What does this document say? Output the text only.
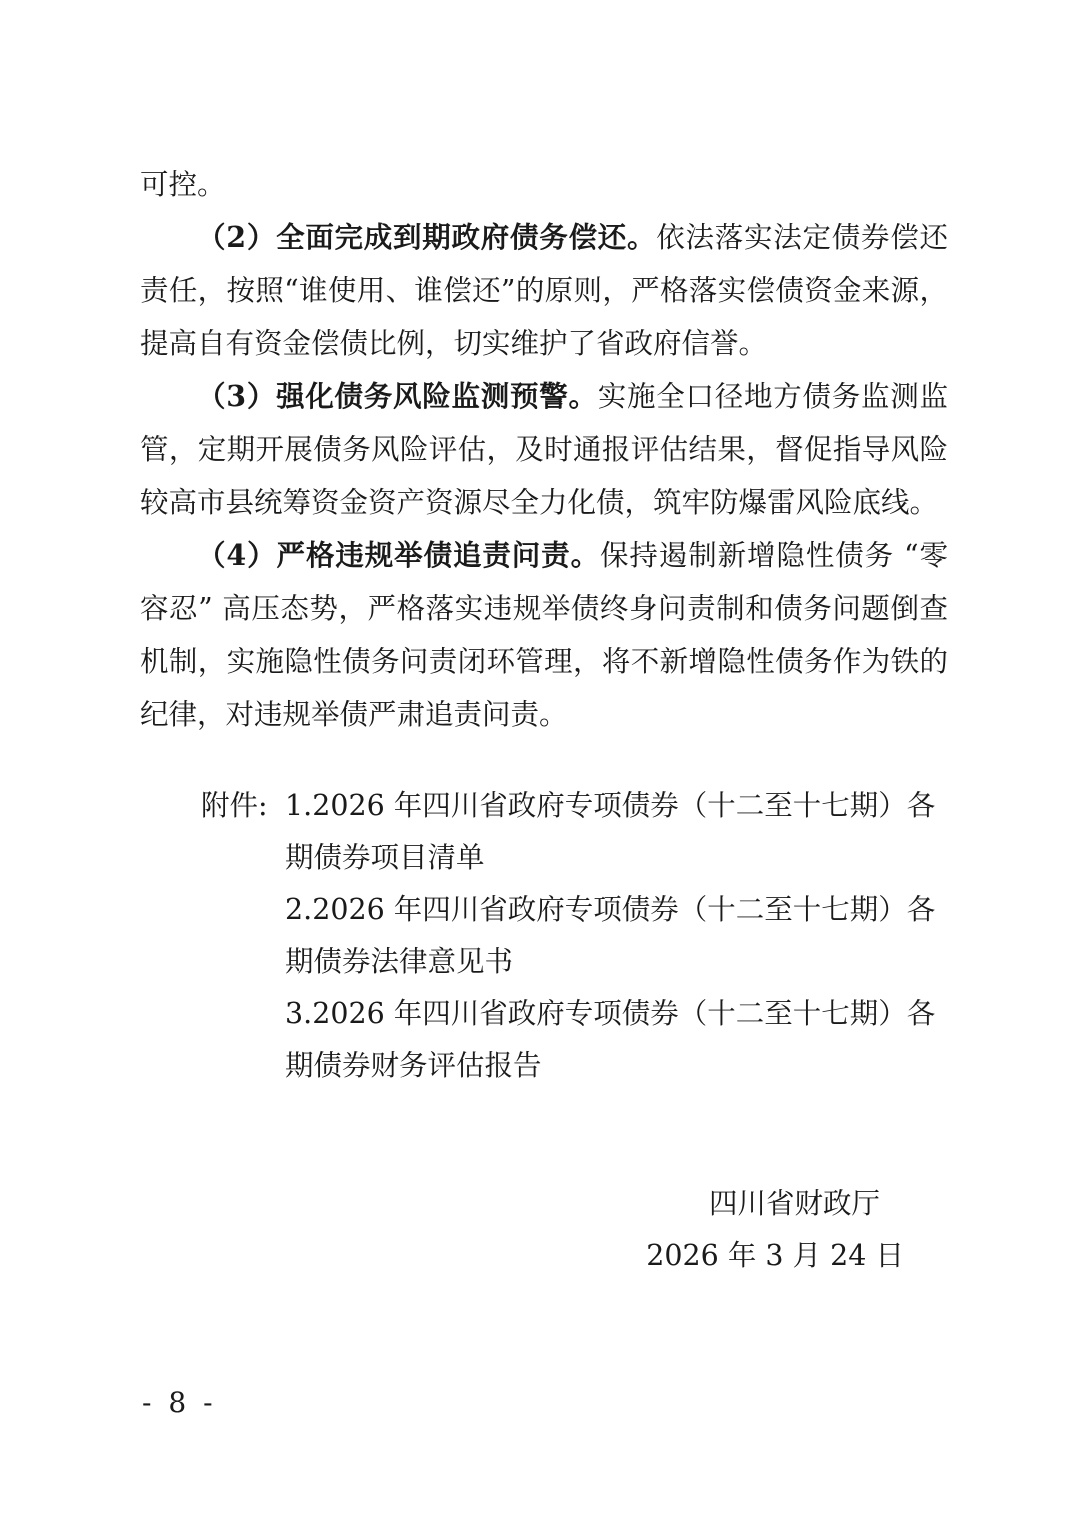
可控。

（2）全面完成到期政府债务偿还。依法落实法定债券偿还责任，按照“谁使用、谁偿还”的原则，严格落实偿债资金来源，提高自有资金偿债比例，切实维护了省政府信誉。

（3）强化债务风险监测预警。实施全口径地方债务监测监管，定期开展债务风险评估，及时通报评估结果，督促指导风险较高市县统筹资金资产资源尽全力化债，筑牢防爆雷风险底线。

（4）严格违规举债追责问责。保持遏制新增隐性债务 “零容忍” 高压态势，严格落实违规举债终身问责制和债务问题倒查机制，实施隐性债务问责闭环管理，将不新增隐性债务作为铁的纪律，对违规举债严肃追责问责。

附件: 1.2026 年四川省政府专项债券（十二至十七期）各期债券项目清单

2.2026 年四川省政府专项债券（十二至十七期）各期债券法律意见书

3.2026 年四川省政府专项债券（十二至十七期）各期债券财务评估报告

四川省财政厅
2026 年 3 月 24 日
- 8 -
